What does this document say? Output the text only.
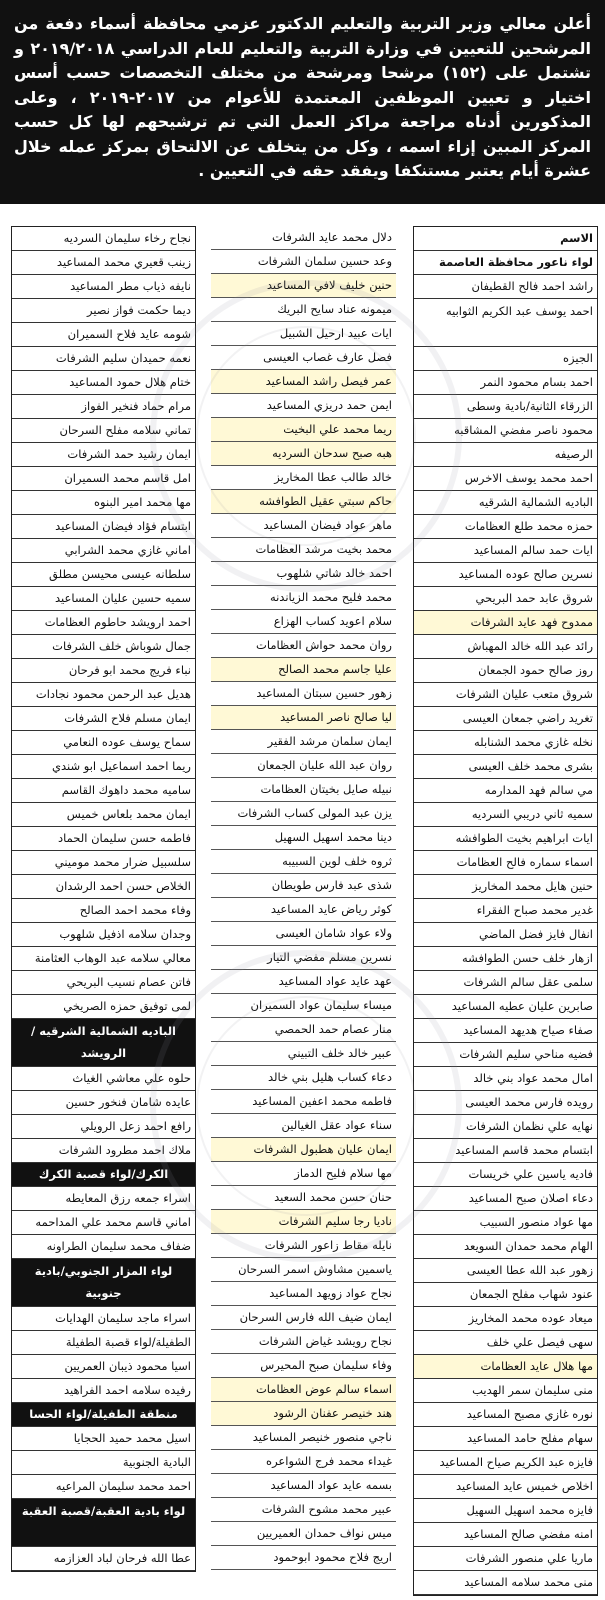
أعلن معالي وزير التربية والتعليم الدكتور عزمي محافظة أسماء دفعة من المرشحين للتعيين في وزارة التربية والتعليم للعام الدراسي ٢٠١٩/٢٠١٨ و تشتمل على (١٥٢) مرشحا ومرشحة من مختلف التخصصات حسب أسس اختيار و تعيين الموظفين المعتمدة للأعوام من ٢٠١٧-٢٠١٩ ، وعلى المذكورين أدناه مراجعة مراكز العمل التي تم ترشيحهم لها كل حسب المركز المبين إزاء اسمه ، وكل من يتخلف عن الالتحاق بمركز عمله خلال عشرة أيام يعتبر مستنكفا ويفقد حقه في التعيين .
الاسم
لواء ناعور محافظة العاصمة
راشد احمد فالح القطيفان
احمد يوسف عبد الكريم الثوابيه
الجيزه
احمد بسام محمود النمر
الزرقاء الثانية/بادية وسطى
محمود ناصر مفضي المشاقبه
الرصيفه
احمد محمد يوسف الاخرس
الباديه الشمالية الشرقيه
حمزه محمد طلع العظامات
ايات حمد سالم المساعيد
نسرين صالح عوده المساعيد
شروق عابد حمد البريحي
ممدوح فهد عايد الشرفات
رائد عبد الله خالد المهباش
روز صالح حمود الجمعان
شروق متعب عليان الشرفات
تغريد راضي جمعان العيسى
نخله غازي محمد الشنابله
بشرى محمد خلف العيسى
مي سالم فهد المدارمه
سميه ثاني دريبي السرديه
ايات ابراهيم بخيت الطوافشه
اسماء سماره فالح العظامات
حنين هايل محمد المخاريز
غدير محمد صباح الفقراء
انفال فايز فضل الماضي
ازهار خلف حسن الطوافشه
سلمى عقل سالم الشرفات
صابرين عليان عطيه المساعيد
صفاء صياح هديهد المساعيد
فضيه مناحي سليم الشرفات
امال محمد عواد بني خالد
رويده فارس محمد العيسى
نهايه علي نظمان الشرفات
ابتسام محمد قاسم المساعيد
فاديه ياسين علي خريسات
دعاء اصلان صبح المساعيد
مها عواد منصور السبيب
الهام محمد حمدان السويعد
زهور عبد الله عطا العيسى
عنود شهاب مفلح الجمعان
ميعاد عوده محمد المخاريز
سهى فيصل علي خلف
مها هلال عايد العظامات
منى سليمان سمر الهديب
نوره غازي مصبح المساعيد
سهام مفلح حامد المساعيد
فايزه عبد الكريم صياح المساعيد
اخلاص خميس عايد المساعيد
فايزه محمد اسهيل السهيل
امنه مفضي صالح المساعيد
ماريا علي منصور الشرفات
منى محمد سلامه المساعيد
دلال محمد عايد الشرفات
وعد حسين سلمان الشرفات
حنين خليف لافي المساعيد
ميمونه عناد سايح البريك
ايات عبيد ارحيل الشبيل
فصل عارف غصاب العيسى
عمر فيصل راشد المساعيد
ايمن حمد دريزي المساعيد
ريما محمد علي البخيت
هبه صبح سدحان السرديه
خالد طالب عطا المخاريز
حاكم سبتي عقيل الطوافشه
ماهر عواد فيضان المساعيد
محمد بخيت مرشد العظامات
احمد خالد شاتي شلهوب
محمد فليح محمد الزياندنه
سلام اعويد كساب الهزاع
روان محمد حواش العظامات
عليا جاسم محمد الصالح
زهور حسين سبتان المساعيد
ليا صالح ناصر المساعيد
ايمان سلمان مرشد الفقير
روان عبد الله عليان الجمعان
نبيله صايل بخيتان العظامات
يزن عبد المولى كساب الشرفات
دينا محمد اسهيل السهيل
ثروه خلف لوين السبيبه
شذى عبد فارس طويطان
كوثر رياض عايد المساعيد
ولاء عواد شامان العيسى
نسرين مسلم مفضي التيار
عهد عايد عواد المساعيد
ميساء سليمان عواد السميران
منار عصام حمد الحمصي
عبير خالد خلف التبيني
دعاء كساب هليل بني خالد
فاطمه محمد اعفين المساعيد
سناء عواد عقل الغيالين
ايمان عليان هطبول الشرفات
مها سلام فليح الدماز
حنان حسن محمد السعيد
ناديا رجا سليم الشرفات
نايله مقاط زاعور الشرفات
ياسمين مشاوش اسمر السرحان
نجاح عواد زويهد المساعيد
ايمان ضيف الله فارس السرحان
نجاح رويشد غياض الشرفات
وفاء سليمان صبح المحيرس
اسماء سالم عوض العظامات
هند خنيصر عفنان الرشود
ناجي منصور خنيصر المساعيد
غيداء محمد فرج الشواعره
بسمه عايد عواد المساعيد
عبير محمد مشوح الشرفات
ميس نواف حمدان العميريين
اريج فلاح محمود ابوحمود
نجاح رخاء سليمان السرديه
زينب قعيري محمد المساعيد
نايفه ذياب مطر المساعيد
ديما حكمت فواز نصير
شومه عايد فلاح السميران
نعمه حميدان سليم الشرفات
ختام هلال حمود المساعيد
مرام حماد فنخير الفواز
تماني سلامه مفلح السرحان
ايمان رشيد حمد الشرفات
امل قاسم محمد السميران
مها محمد امير البنوه
ابتسام فؤاد فيضان المساعيد
اماني غازي محمد الشرابي
سلطانه عيسى محيسن مطلق
سميه حسين عليان المساعيد
احمد ارويشد حاطوم العظامات
جمال شوباش خلف الشرفات
نباء فريج محمد ابو فرحان
هديل عبد الرحمن محمود نجادات
ايمان مسلم فلاح الشرفات
سماح يوسف عوده النعامي
ريما احمد اسماعيل ابو شندي
ساميه محمد داهوك القاسم
ايمان محمد بلعاس خميس
فاطمه حسن سليمان الحماد
سلسبيل ضرار محمد موميني
الخلاص حسن احمد الرشدان
وفاء محمد احمد الصالح
وجدان سلامه اذفيل شلهوب
معالي سلامه عبد الوهاب العثامنة
فاتن عصام نسيب البريحي
لمى توفيق حمزه الصريخي
الباديه الشمالية الشرقيه / الرويشد
حلوه علي معاشي الغياث
عايده شامان فنخور حسين
رافع احمد زعل الرويلي
ملاك احمد مطرود الشرفات
الكرك/لواء قصبة الكرك
اسراء جمعه رزق المعايطه
اماني قاسم محمد علي المداحمه
ضفاف محمد سليمان الطراونه
لواء المزار الجنوبي/بادية جنوبية
اسراء ماجد سليمان الهدايات
الطفيلة/لواء قصبة الطفيلة
اسيا محمود ذيبان العمريين
رفيده سلامه احمد الفراهيد
منطقة الطفيلة/لواء الحسا
اسيل محمد حميد الحجايا
البادية الجنوبية
احمد محمد سليمان المراعيه
لواء بادية العقبة/قصبة العقبة
عطا الله فرحان لباد العزازمه
